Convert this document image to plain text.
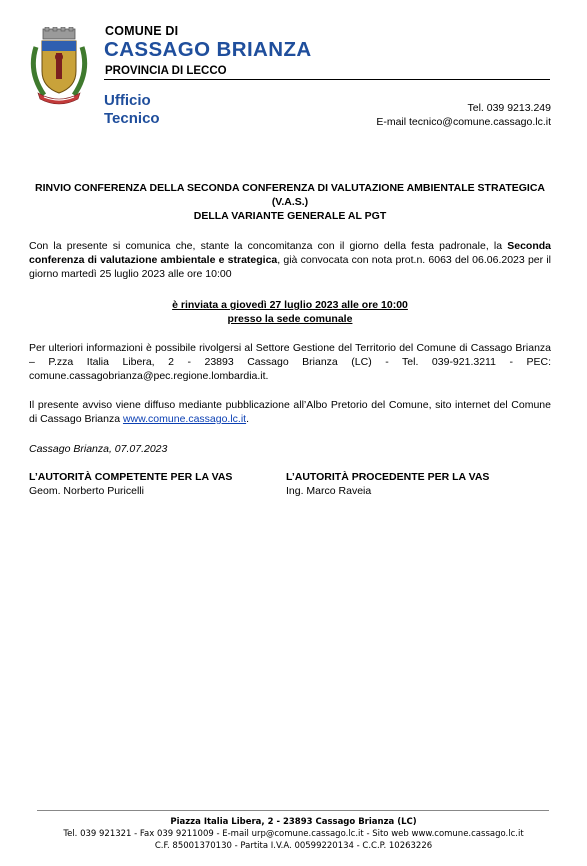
COMUNE DI
CASSAGO BRIANZA
PROVINCIA DI LECCO
Ufficio
Tecnico
Tel. 039 9213.249
E-mail tecnico@comune.cassago.lc.it
RINVIO CONFERENZA DELLA SECONDA CONFERENZA DI VALUTAZIONE AMBIENTALE STRATEGICA (V.A.S.)
DELLA VARIANTE GENERALE AL PGT
Con la presente si comunica che, stante la concomitanza con il giorno della festa padronale, la Seconda conferenza di valutazione ambientale e strategica, già convocata con nota prot.n. 6063 del 06.06.2023 per il giorno martedì 25 luglio 2023 alle ore 10:00
è rinviata a giovedì 27 luglio 2023 alle ore 10:00
presso la sede comunale
Per ulteriori informazioni è possibile rivolgersi al Settore Gestione del Territorio del Comune di Cassago Brianza – P.zza Italia Libera, 2 - 23893 Cassago Brianza (LC) - Tel. 039-921.3211 - PEC: comune.cassagobrianza@pec.regione.lombardia.it.
Il presente avviso viene diffuso mediante pubblicazione all’Albo Pretorio del Comune, sito internet del Comune di Cassago Brianza www.comune.cassago.lc.it.
Cassago Brianza, 07.07.2023
L’AUTORITÀ COMPETENTE PER LA VAS
Geom. Norberto Puricelli
L’AUTORITÀ PROCEDENTE PER LA VAS
Ing. Marco Raveia
Piazza Italia Libera, 2 - 23893 Cassago Brianza (LC)
Tel. 039 921321 - Fax 039 9211009 - E-mail urp@comune.cassago.lc.it - Sito web www.comune.cassago.lc.it
C.F. 85001370130 - Partita I.V.A. 00599220134 - C.C.P. 10263226
